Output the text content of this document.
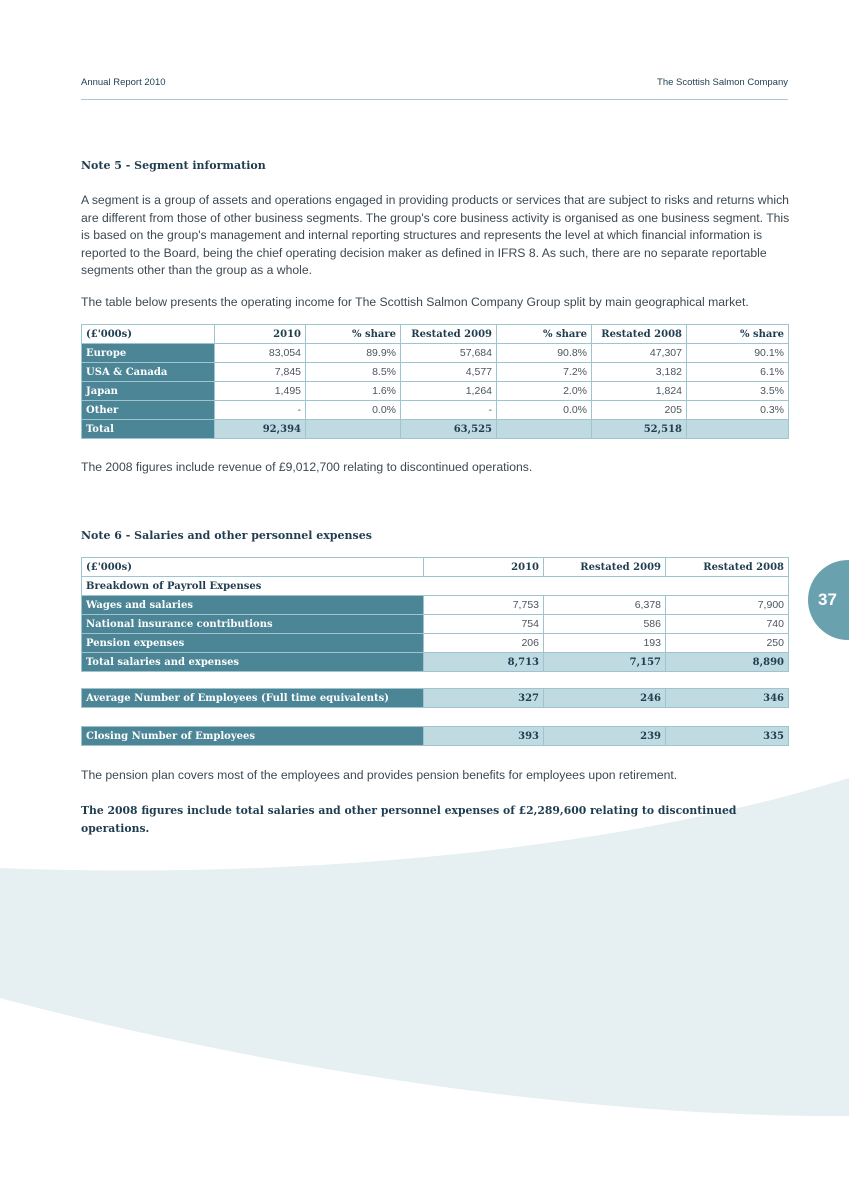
Annual Report 2010	The Scottish Salmon Company
37
Note 5 - Segment information
A segment is a group of assets and operations engaged in providing products or services that are subject to risks and returns which are different from those of other business segments. The group's core business activity is organised as one business segment. This is based on the group's management and internal reporting structures and represents the level at which financial information is reported to the Board, being the chief operating decision maker as defined in IFRS 8. As such, there are no separate reportable segments other than the group as a whole.
The table below presents the operating income for The Scottish Salmon Company Group split by main geographical market.
(£'000s)	2010	% share	Restated 2009	% share	Restated 2008	% share
Europe	83,054	89.9%	57,684	90.8%	47,307	90.1%
USA & Canada	7,845	8.5%	4,577	7.2%	3,182	6.1%
Japan	1,495	1.6%	1,264	2.0%	1,824	3.5%
Other	-	0.0%	-	0.0%	205	0.3%
Total	92,394		63,525		52,518	
The 2008 figures include revenue of £9,012,700 relating to discontinued operations.
Note 6 - Salaries and other personnel expenses
(£'000s)	2010	Restated 2009	Restated 2008
Breakdown of Payroll Expenses			
Wages and salaries	7,753	6,378	7,900
National insurance contributions	754	586	740
Pension expenses	206	193	250
Total salaries and expenses	8,713	7,157	8,890
Average Number of Employees (Full time equivalents)	327	246	346
Closing Number of Employees	393	239	335
The pension plan covers most of the employees and provides pension benefits for employees upon retirement.
The 2008 figures include total salaries and other personnel expenses of £2,289,600 relating to discontinued operations.
